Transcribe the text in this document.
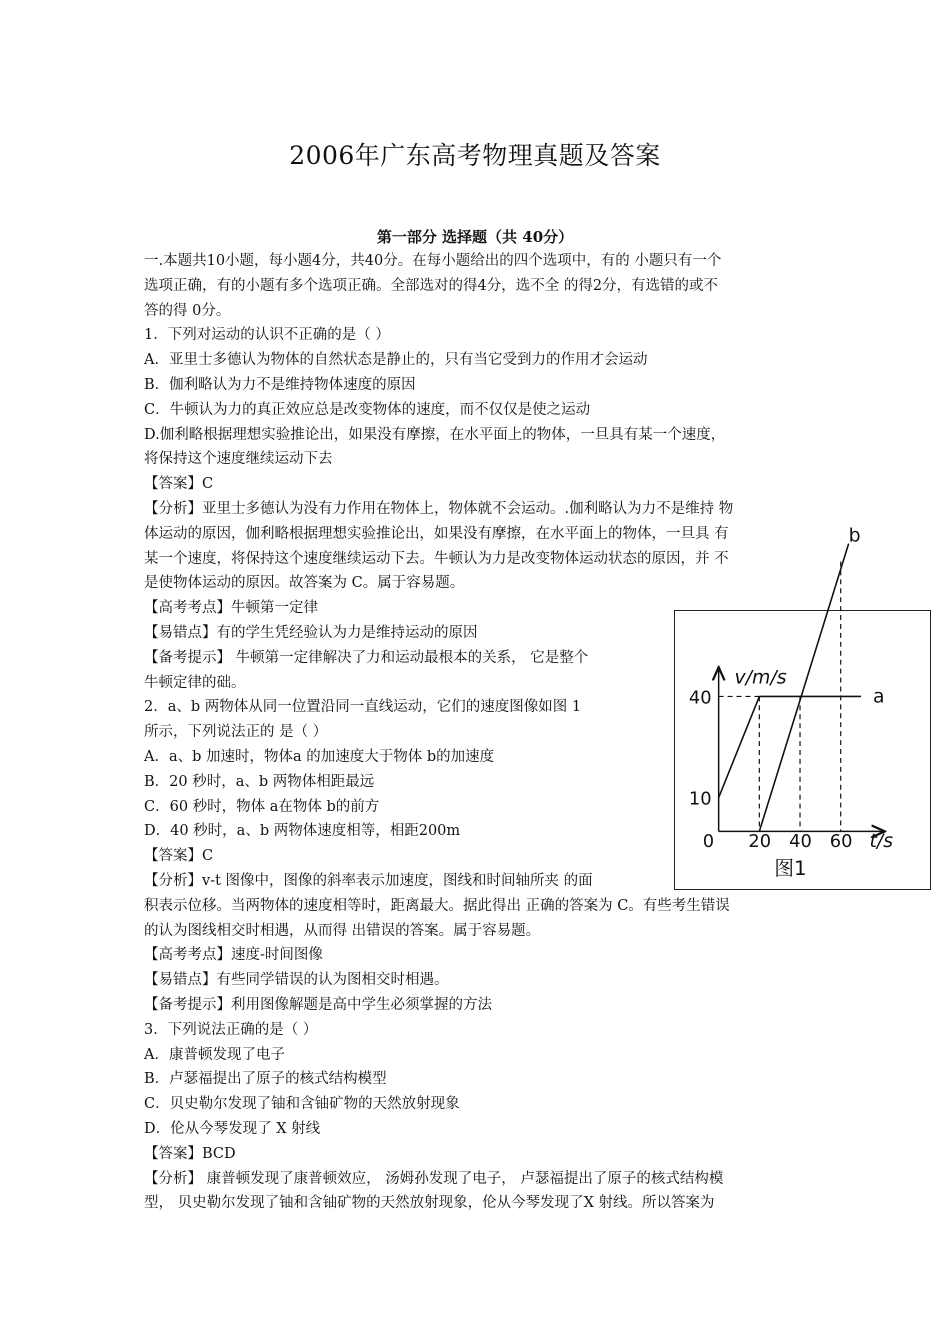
2006年广东高考物理真题及答案
第一部分 选择题（共 40分）
一.本题共10小题，每小题4分，共40分。在每小题给出的四个选项中，有的 小题只有一个
选项正确，有的小题有多个选项正确。全部选对的得4分，选不全 的得2分，有选错的或不
答的得 0分。
1．下列对运动的认识不正确的是（ ）
A．亚里士多德认为物体的自然状态是静止的，只有当它受到力的作用才会运动
B．伽利略认为力不是维持物体速度的原因
C．牛顿认为力的真正效应总是改变物体的速度，而不仅仅是使之运动
D.伽利略根据理想实验推论出，如果没有摩擦，在水平面上的物体，一旦具有某一个速度，
将保持这个速度继续运动下去
【答案】C
【分析】亚里士多德认为没有力作用在物体上，物体就不会运动。.伽利略认为力不是维持 物
体运动的原因，伽利略根据理想实验推论出，如果没有摩擦，在水平面上的物体，一旦具 有
某一个速度，将保持这个速度继续运动下去。牛顿认为力是改变物体运动状态的原因，并 不
是使物体运动的原因。故答案为 C。属于容易题。
【高考考点】牛顿第一定律
【易错点】有的学生凭经验认为力是维持运动的原因
【备考提示】 牛顿第一定律解决了力和运动最根本的关系， 它是整个
牛顿定律的础。
2．a、b 两物体从同一位置沿同一直线运动，它们的速度图像如图 1
所示，下列说法正的 是（ ）
A．a、b 加速时，物体a 的加速度大于物体 b的加速度
B．20 秒时，a、b 两物体相距最远
C．60 秒时，物体 a在物体 b的前方
D．40 秒时，a、b 两物体速度相等，相距200m
【答案】C
【分析】v-t 图像中，图像的斜率表示加速度，图线和时间轴所夹 的面
积表示位移。当两物体的速度相等时，距离最大。据此得出 正确的答案为 C。有些考生错误
的认为图线相交时相遇，从而得 出错误的答案。属于容易题。
【高考考点】速度-时间图像
【易错点】有些同学错误的认为图相交时相遇。
【备考提示】利用图像解题是高中学生必须掌握的方法
3．下列说法正确的是（ ）
A．康普顿发现了电子
B．卢瑟福提出了原子的核式结构模型
C．贝史勒尔发现了铀和含铀矿物的天然放射现象
D．伦从今琴发现了 X 射线
【答案】BCD
【分析】 康普顿发现了康普顿效应， 汤姆孙发现了电子， 卢瑟福提出了原子的核式结构模
型， 贝史勒尔发现了铀和含铀矿物的天然放射现象，伦从今琴发现了X 射线。所以答案为
v/m/s
t/s
图1
0 20 40 60
10
40	a
b
